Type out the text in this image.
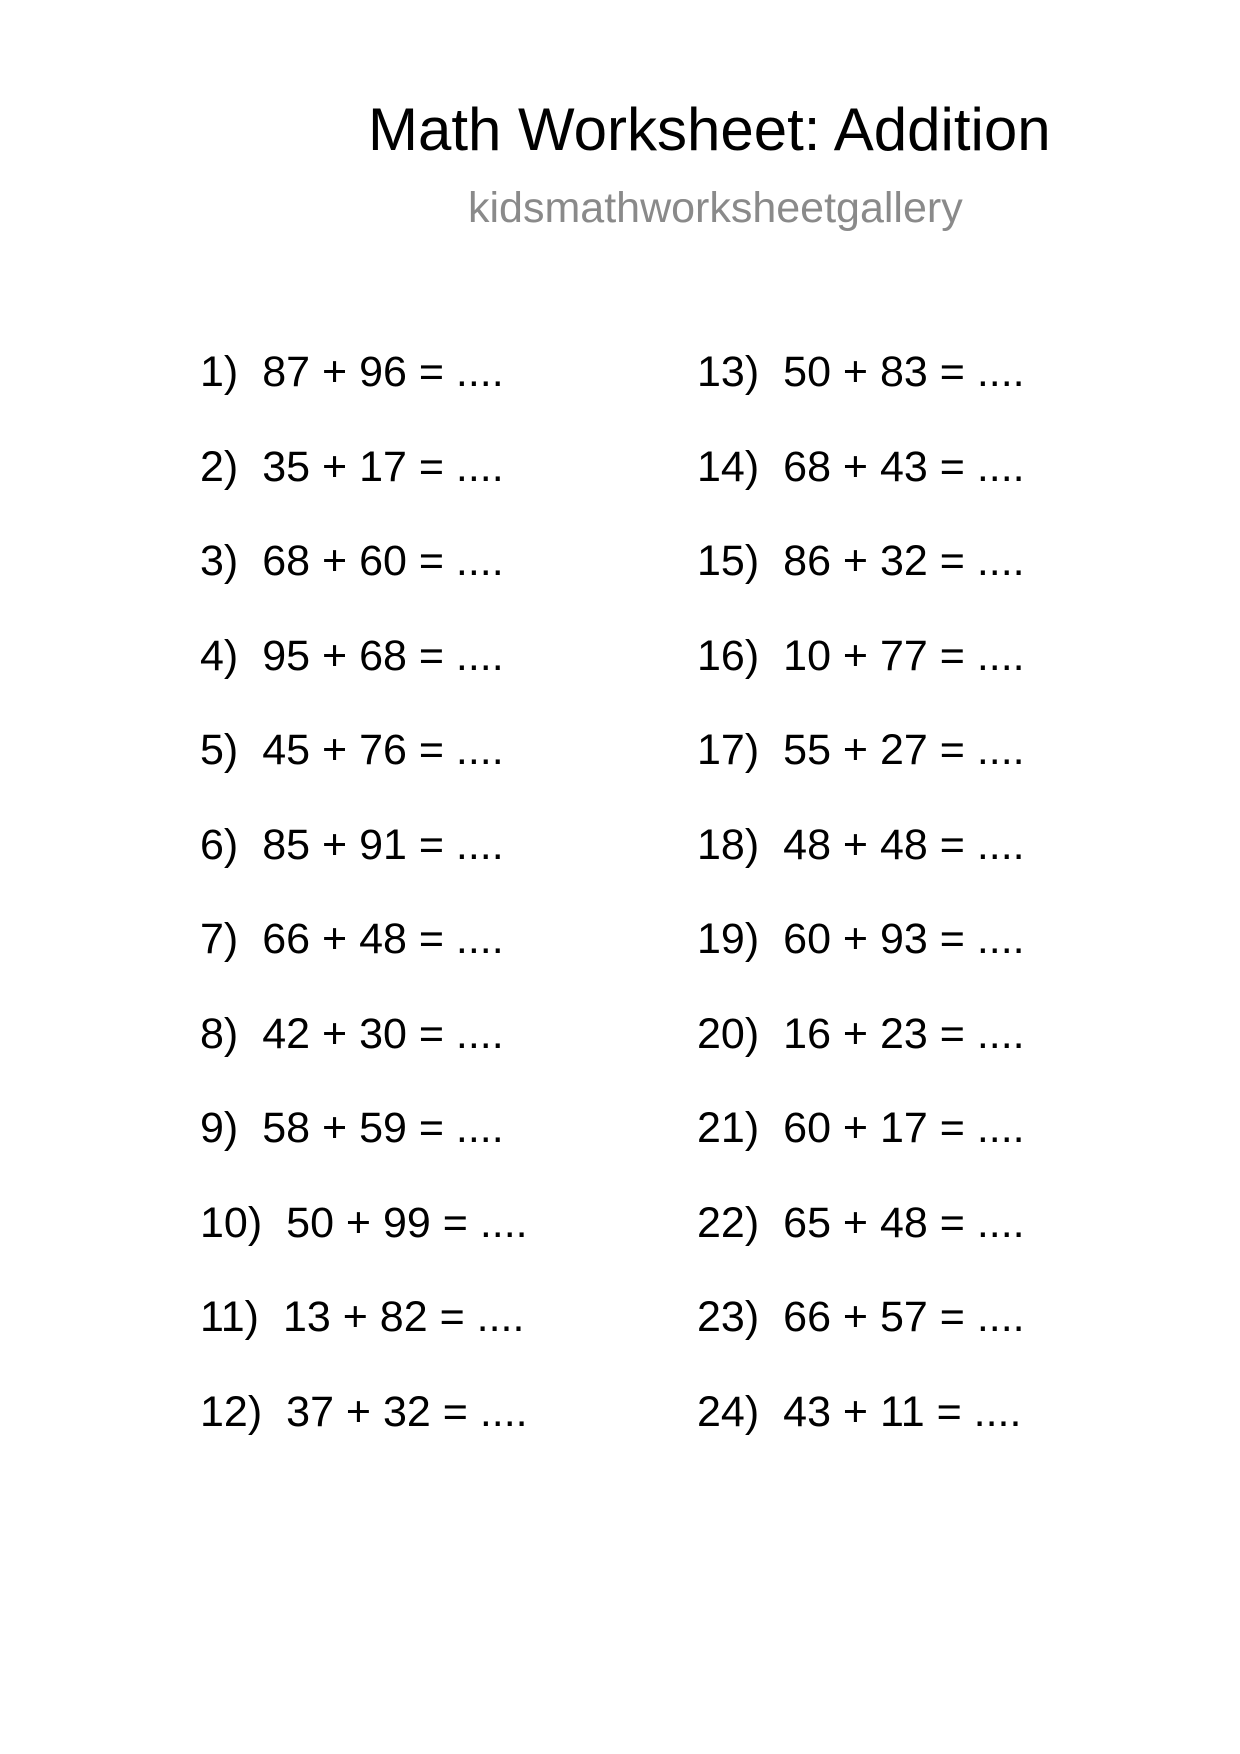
Math Worksheet: Addition
kidsmathworksheetgallery
1) 87 + 96 = ....
2) 35 + 17 = ....
3) 68 + 60 = ....
4) 95 + 68 = ....
5) 45 + 76 = ....
6) 85 + 91 = ....
7) 66 + 48 = ....
8) 42 + 30 = ....
9) 58 + 59 = ....
10) 50 + 99 = ....
11) 13 + 82 = ....
12) 37 + 32 = ....
13) 50 + 83 = ....
14) 68 + 43 = ....
15) 86 + 32 = ....
16) 10 + 77 = ....
17) 55 + 27 = ....
18) 48 + 48 = ....
19) 60 + 93 = ....
20) 16 + 23 = ....
21) 60 + 17 = ....
22) 65 + 48 = ....
23) 66 + 57 = ....
24) 43 + 11 = ....
